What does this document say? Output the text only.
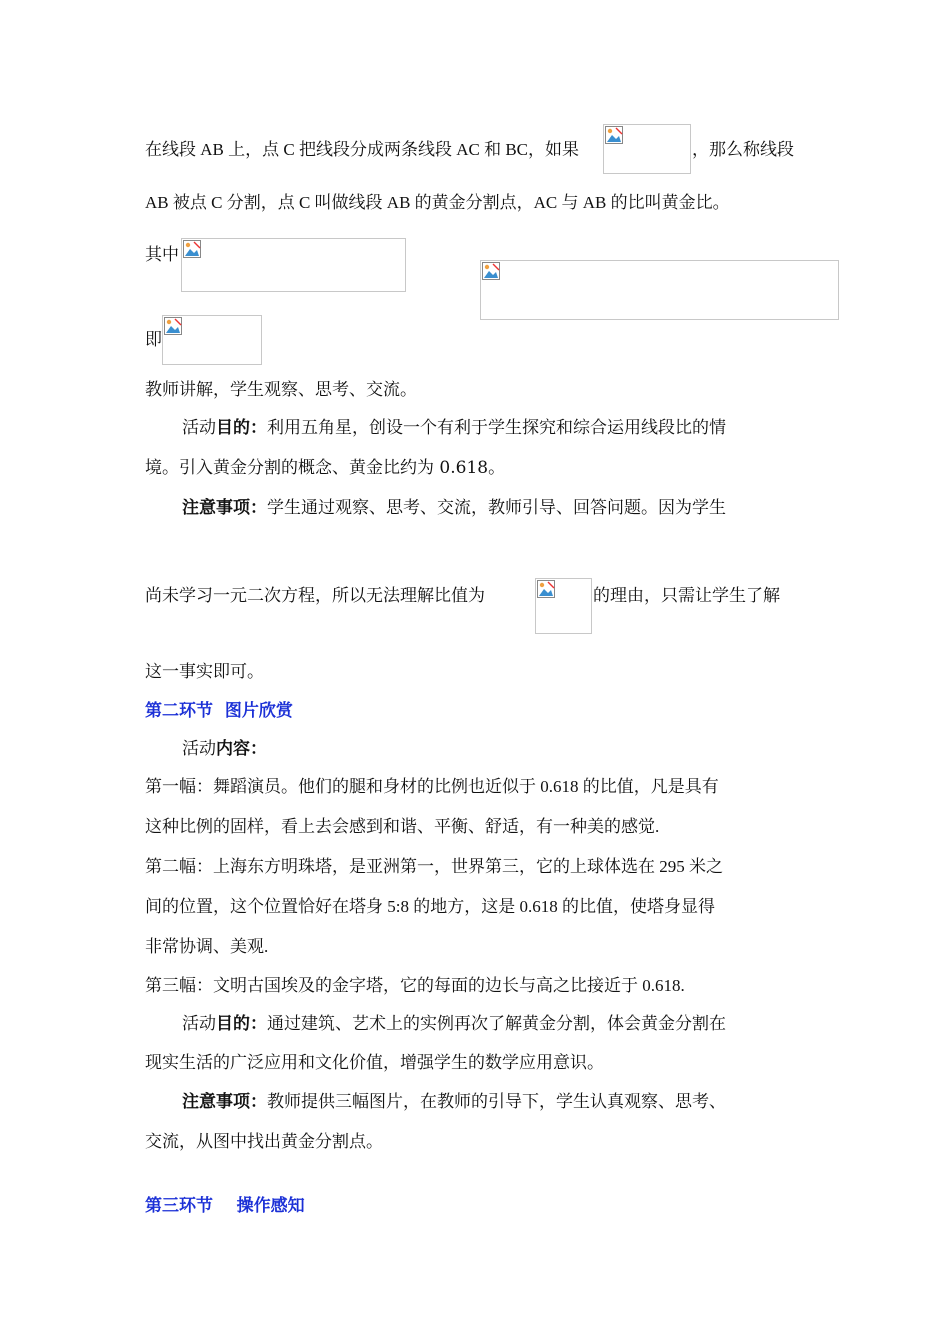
在线段 AB 上，点 C 把线段分成两条线段 AC 和 BC，如果	，那么称线段
AB 被点 C 分割，点 C 叫做线段 AB 的黄金分割点，AC 与 AB 的比叫黄金比。
其中
即
教师讲解，学生观察、思考、交流。
活动目的：利用五角星，创设一个有利于学生探究和综合运用线段比的情
境。引入黄金分割的概念、黄金比约为 0.618。
注意事项：学生通过观察、思考、交流，教师引导、回答问题。因为学生
尚未学习一元二次方程，所以无法理解比值为	的理由，只需让学生了解
这一事实即可。
第二环节  图片欣赏
活动内容：
第一幅：舞蹈演员。他们的腿和身材的比例也近似于 0.618 的比值，凡是具有
这种比例的固样，看上去会感到和谐、平衡、舒适，有一种美的感觉.
第二幅：上海东方明珠塔，是亚洲第一，世界第三，它的上球体选在 295 米之
间的位置，这个位置恰好在塔身 5:8 的地方，这是 0.618 的比值，使塔身显得
非常协调、美观.
第三幅：文明古国埃及的金字塔，它的每面的边长与高之比接近于 0.618.
活动目的：通过建筑、艺术上的实例再次了解黄金分割，体会黄金分割在
现实生活的广泛应用和文化价值，增强学生的数学应用意识。
注意事项：教师提供三幅图片，在教师的引导下，学生认真观察、思考、
交流，从图中找出黄金分割点。
第三环节    操作感知
